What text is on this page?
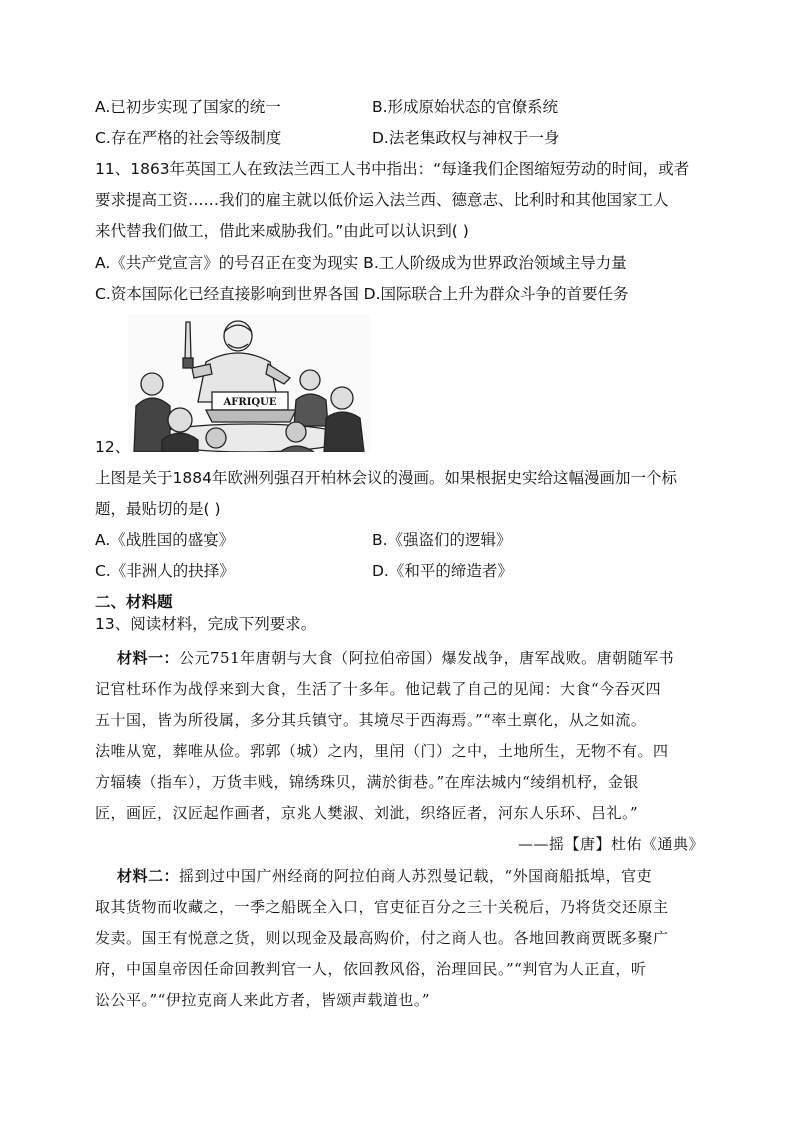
A.已初步实现了国家的统一	B.形成原始状态的官僚系统
C.存在严格的社会等级制度	D.法老集政权与神权于一身
11、1863年英国工人在致法兰西工人书中指出：“每逢我们企图缩短劳动的时间，或者
要求提高工资……我们的雇主就以低价运入法兰西、德意志、比利时和其他国家工人
来代替我们做工，借此来威胁我们。”由此可以认识到( )
A.《共产党宣言》的号召正在变为现实 B.工人阶级成为世界政治领域主导力量
C.资本国际化已经直接影响到世界各国 D.国际联合上升为群众斗争的首要任务
AFRIQUE
12、
上图是关于1884年欧洲列强召开柏林会议的漫画。如果根据史实给这幅漫画加一个标
题，最贴切的是( )
A.《战胜国的盛宴》	B.《强盗们的逻辑》
C.《非洲人的抉择》	D.《和平的缔造者》
二、材料题
13、阅读材料，完成下列要求。
材料一：公元751年唐朝与大食（阿拉伯帝国）爆发战争，唐军战败。唐朝随军书
记官杜环作为战俘来到大食，生活了十多年。他记载了自己的见闻：大食“今吞灭四
五十国，皆为所役属，多分其兵镇守。其境尽于西海焉。”“率土禀化，从之如流。
法唯从宽，葬唯从俭。郛郭（城）之内，里闬（门）之中，土地所生，无物不有。四
方辐辏（指车），万货丰贱，锦绣珠贝，满於街巷。”在库法城内“绫绢机杼，金银
匠，画匠，汉匠起作画者，京兆人樊淑、刘泚，织络匠者，河东人乐环、吕礼。”
——摇【唐】杜佑《通典》
材料二：摇到过中国广州经商的阿拉伯商人苏烈曼记载，“外国商船抵埠，官吏
取其货物而收藏之，一季之船既全入口，官吏征百分之三十关税后，乃将货交还原主
发卖。国王有悦意之货，则以现金及最高购价，付之商人也。各地回教商贾既多聚广
府，中国皇帝因任命回教判官一人，依回教风俗，治理回民。”“判官为人正直，听
讼公平。”“伊拉克商人来此方者，皆颂声载道也。”
